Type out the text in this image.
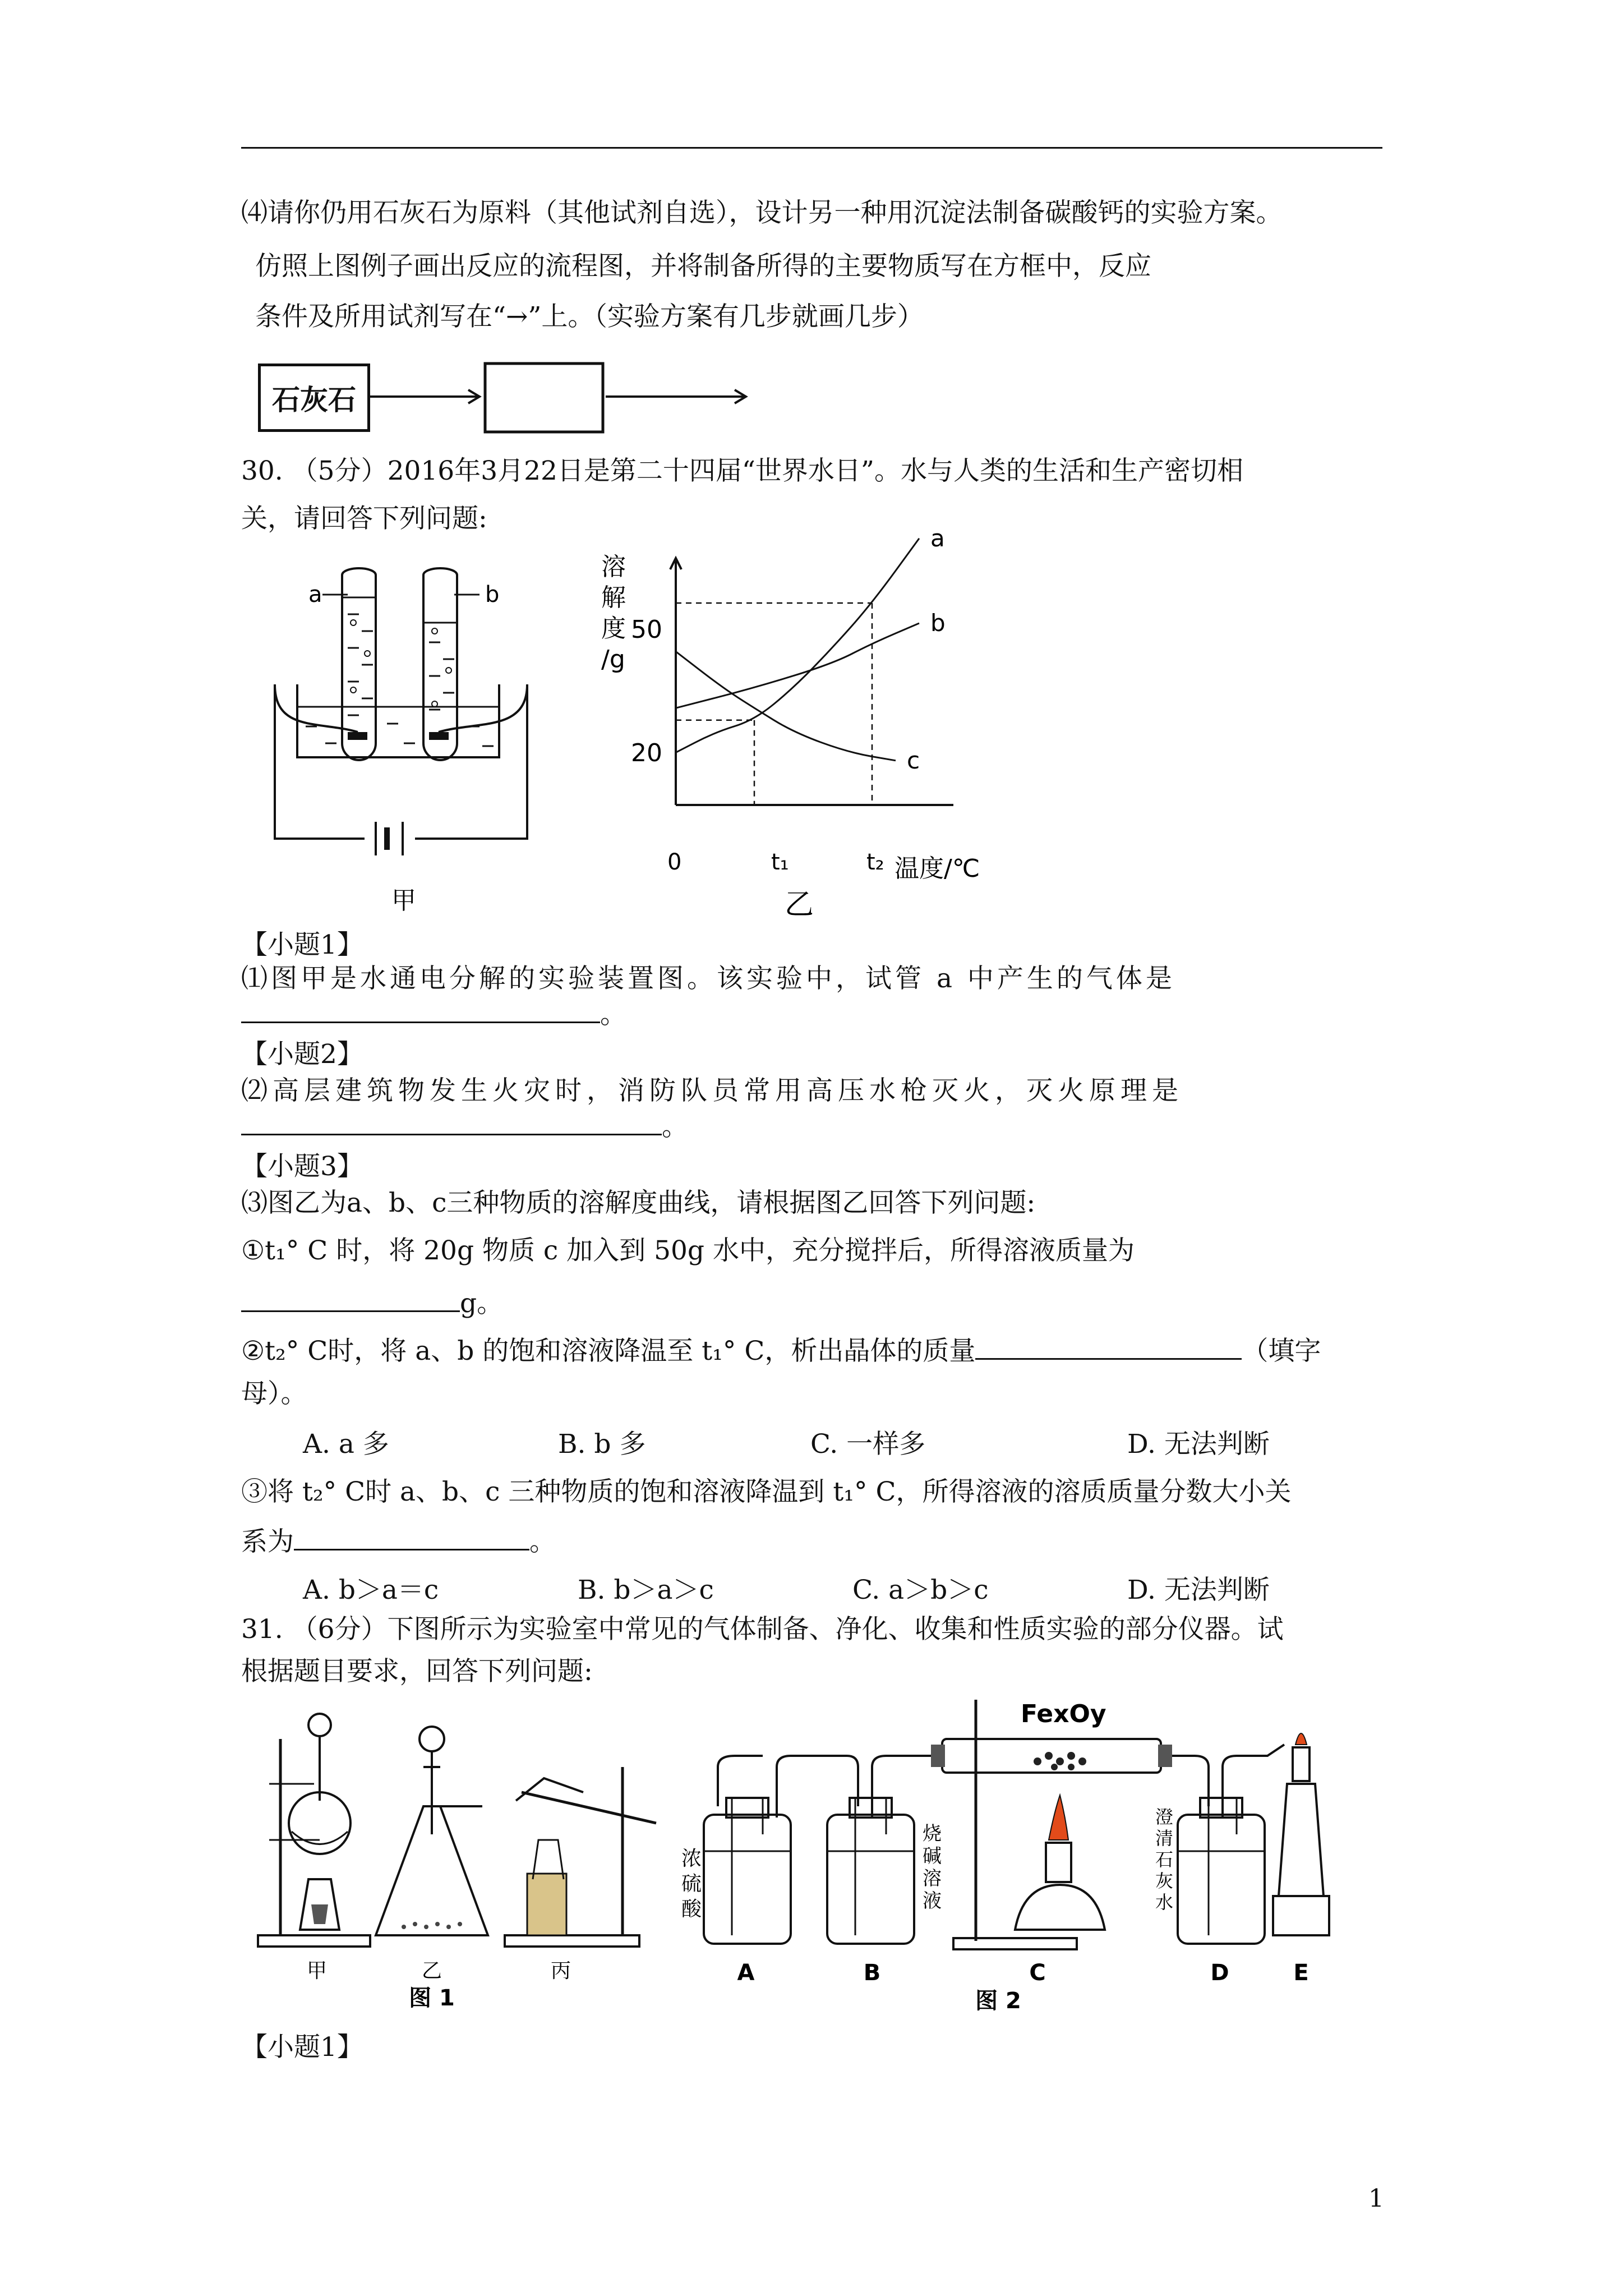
⑷请你仍用石灰石为原料（其他试剂自选），设计另一种用沉淀法制备碳酸钙的实验方案。
仿照上图例子画出反应的流程图，并将制备所得的主要物质写在方框中，反应
条件及所用试剂写在“→”上。（实验方案有几步就画几步）
石灰石
30. （5分）2016年3月22日是第二十四届“世界水日”。水与人类的生活和生产密切相
关，请回答下列问题:
a	b
甲
溶
解
度
/g
50
20
0	t₁	t₂ 温度/℃
乙
a
b
c
【小题1】
⑴图甲是水通电分解的实验装置图。该实验中，试管 a 中产生的气体是
。
【小题2】
⑵高层建筑物发生火灾时，消防队员常用高压水枪灭火，灭火原理是
。
【小题3】
⑶图乙为a、b、c三种物质的溶解度曲线，请根据图乙回答下列问题:
①t₁° C 时，将 20g 物质 c 加入到 50g 水中，充分搅拌后，所得溶液质量为
g。
②t₂° C时，将 a、b 的饱和溶液降温至 t₁° C，析出晶体的质量	（填字
母）。
A. a 多	B. b 多	C. 一样多	D. 无法判断
③将 t₂° C时 a、b、c 三种物质的饱和溶液降温到 t₁° C，所得溶液的溶质质量分数大小关
系为	。
A. b＞a＝c	B. b＞a＞c	C. a＞b＞c	D. 无法判断
31. （6分）下图所示为实验室中常见的气体制备、净化、收集和性质实验的部分仪器。试
根据题目要求，回答下列问题:
甲	乙	丙
图 1
FexOy
浓
硫
酸
烧
碱
溶
液
澄
清
石
灰
水
A	B	C	D	E
图 2
【小题1】
1
